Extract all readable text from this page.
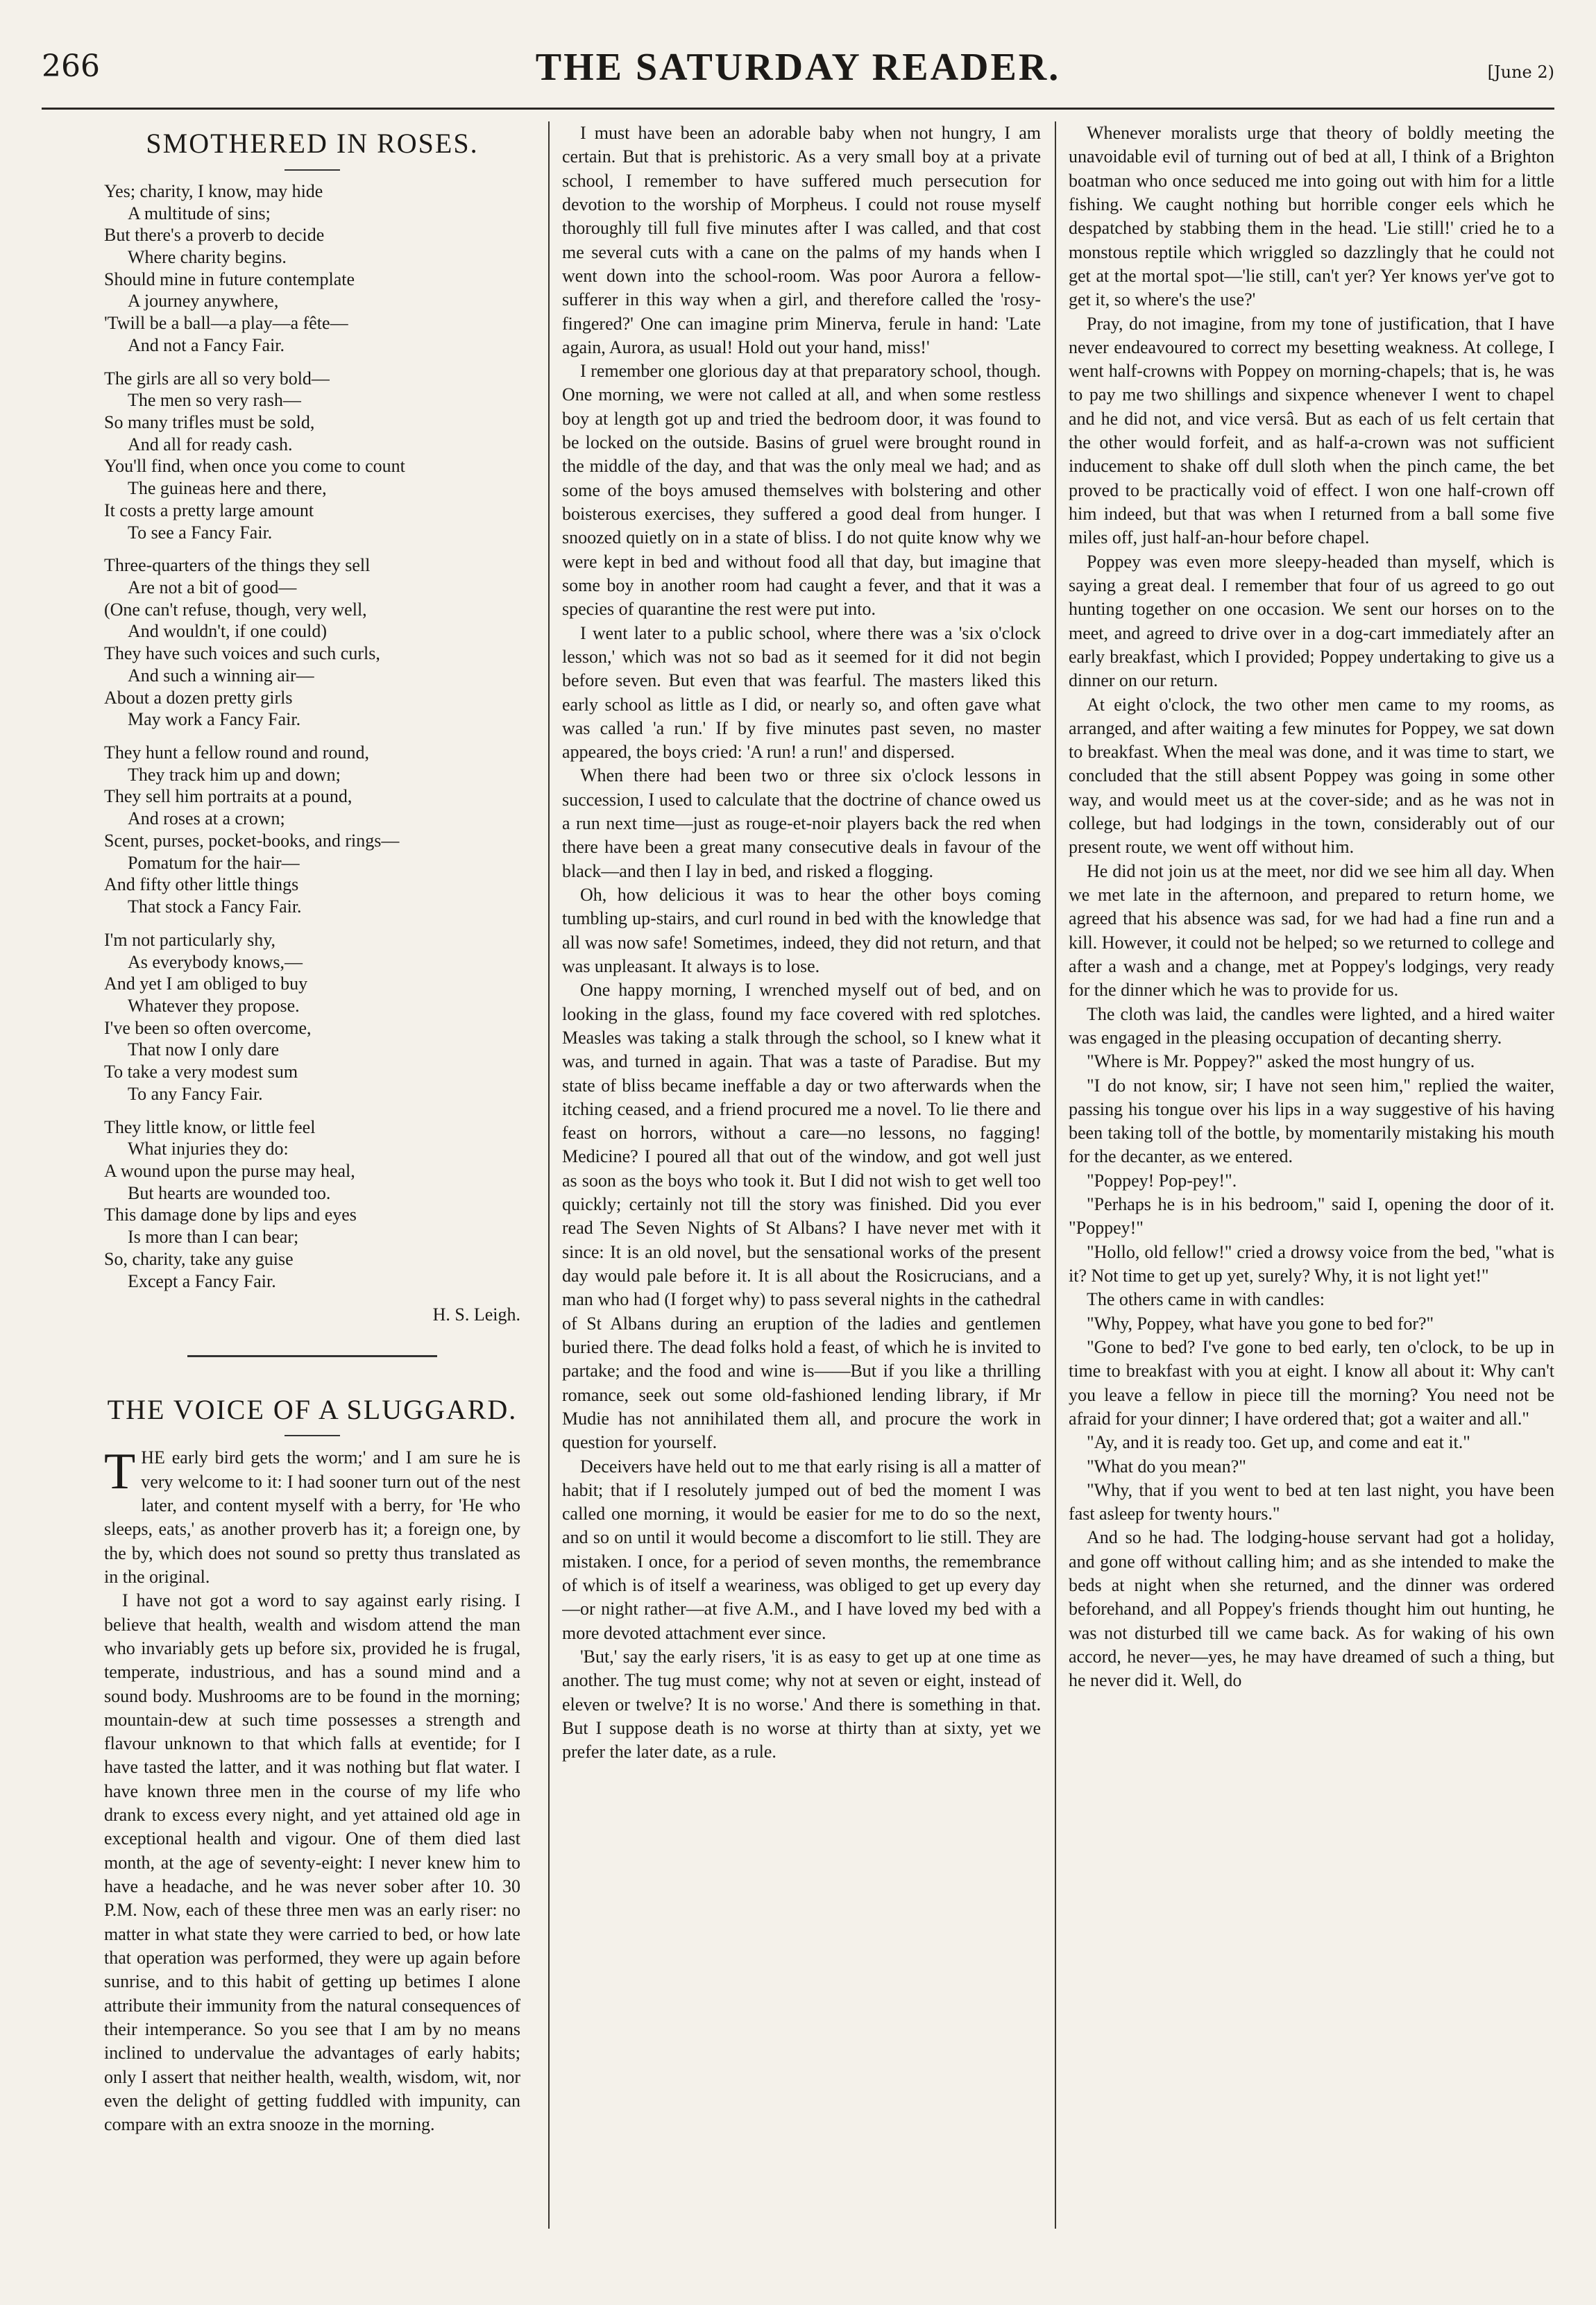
266	THE SATURDAY READER.	[June 2)
SMOTHERED IN ROSES.
Yes; charity, I know, may hide
A multitude of sins;
But there's a proverb to decide
Where charity begins.
Should mine in future contemplate
A journey anywhere,
'Twill be a ball—a play—a fête—
And not a Fancy Fair.
The girls are all so very bold—
The men so very rash—
So many trifles must be sold,
And all for ready cash.
You'll find, when once you come to count
The guineas here and there,
It costs a pretty large amount
To see a Fancy Fair.
Three-quarters of the things they sell
Are not a bit of good—
(One can't refuse, though, very well,
And wouldn't, if one could)
They have such voices and such curls,
And such a winning air—
About a dozen pretty girls
May work a Fancy Fair.
They hunt a fellow round and round,
They track him up and down;
They sell him portraits at a pound,
And roses at a crown;
Scent, purses, pocket-books, and rings—
Pomatum for the hair—
And fifty other little things
That stock a Fancy Fair.
I'm not particularly shy,
As everybody knows,—
And yet I am obliged to buy
Whatever they propose.
I've been so often overcome,
That now I only dare
To take a very modest sum
To any Fancy Fair.
They little know, or little feel
What injuries they do:
A wound upon the purse may heal,
But hearts are wounded too.
This damage done by lips and eyes
Is more than I can bear;
So, charity, take any guise
Except a Fancy Fair.
H. S. Leigh.
THE VOICE OF A SLUGGARD.

THE early bird gets the worm;' and I am sure he is very welcome to it: I had sooner turn out of the nest later, and content myself with a berry, for 'He who sleeps, eats,' as another proverb has it; a foreign one, by the by, which does not sound so pretty thus translated as in the original.

I have not got a word to say against early rising. I believe that health, wealth and wisdom attend the man who invariably gets up before six, provided he is frugal, temperate, industrious, and has a sound mind and a sound body. Mushrooms are to be found in the morning; mountain-dew at such time possesses a strength and flavour unknown to that which falls at eventide; for I have tasted the latter, and it was nothing but flat water. I have known three men in the course of my life who drank to excess every night, and yet attained old age in exceptional health and vigour. One of them died last month, at the age of seventy-eight: I never knew him to have a headache, and he was never sober after 10. 30 P.M. Now, each of these three men was an early riser: no matter in what state they were carried to bed, or how late that operation was performed, they were up again before sunrise, and to this habit of getting up betimes I alone attribute their immunity from the natural consequences of their intemperance. So you see that I am by no means inclined to undervalue the advantages of early habits; only I assert that neither health, wealth, wisdom, wit, nor even the delight of getting fuddled with impunity, can compare with an extra snooze in the morning.

I must have been an adorable baby when not hungry, I am certain. But that is prehistoric. As a very small boy at a private school, I remember to have suffered much persecution for devotion to the worship of Morpheus. I could not rouse myself thoroughly till full five minutes after I was called, and that cost me several cuts with a cane on the palms of my hands when I went down into the school-room. Was poor Aurora a fellow-sufferer in this way when a girl, and therefore called the 'rosy-fingered?' One can imagine prim Minerva, ferule in hand: 'Late again, Aurora, as usual! Hold out your hand, miss!'

I remember one glorious day at that preparatory school, though. One morning, we were not called at all, and when some restless boy at length got up and tried the bedroom door, it was found to be locked on the outside. Basins of gruel were brought round in the middle of the day, and that was the only meal we had; and as some of the boys amused themselves with bolstering and other boisterous exercises, they suffered a good deal from hunger. I snoozed quietly on in a state of bliss. I do not quite know why we were kept in bed and without food all that day, but imagine that some boy in another room had caught a fever, and that it was a species of quarantine the rest were put into.

I went later to a public school, where there was a 'six o'clock lesson,' which was not so bad as it seemed for it did not begin before seven. But even that was fearful. The masters liked this early school as little as I did, or nearly so, and often gave what was called 'a run.' If by five minutes past seven, no master appeared, the boys cried: 'A run! a run!' and dispersed.

When there had been two or three six o'clock lessons in succession, I used to calculate that the doctrine of chance owed us a run next time—just as rouge-et-noir players back the red when there have been a great many consecutive deals in favour of the black—and then I lay in bed, and risked a flogging.

Oh, how delicious it was to hear the other boys coming tumbling up-stairs, and curl round in bed with the knowledge that all was now safe! Sometimes, indeed, they did not return, and that was unpleasant. It always is to lose.

One happy morning, I wrenched myself out of bed, and on looking in the glass, found my face covered with red splotches. Measles was taking a stalk through the school, so I knew what it was, and turned in again. That was a taste of Paradise. But my state of bliss became ineffable a day or two afterwards when the itching ceased, and a friend procured me a novel. To lie there and feast on horrors, without a care—no lessons, no fagging! Medicine? I poured all that out of the window, and got well just as soon as the boys who took it. But I did not wish to get well too quickly; certainly not till the story was finished. Did you ever read The Seven Nights of St Albans? I have never met with it since: It is an old novel, but the sensational works of the present day would pale before it. It is all about the Rosicrucians, and a man who had (I forget why) to pass several nights in the cathedral of St Albans during an eruption of the ladies and gentlemen buried there. The dead folks hold a feast, of which he is invited to partake; and the food and wine is——But if you like a thrilling romance, seek out some old-fashioned lending library, if Mr Mudie has not annihilated them all, and procure the work in question for yourself.

Deceivers have held out to me that early rising is all a matter of habit; that if I resolutely jumped out of bed the moment I was called one morning, it would be easier for me to do so the next, and so on until it would become a discomfort to lie still. They are mistaken. I once, for a period of seven months, the remembrance of which is of itself a weariness, was obliged to get up every day—or night rather—at five A.M., and I have loved my bed with a more devoted attachment ever since.

'But,' say the early risers, 'it is as easy to get up at one time as another. The tug must come; why not at seven or eight, instead of eleven or twelve? It is no worse.' And there is something in that. But I suppose death is no worse at thirty than at sixty, yet we prefer the later date, as a rule.

Whenever moralists urge that theory of boldly meeting the unavoidable evil of turning out of bed at all, I think of a Brighton boatman who once seduced me into going out with him for a little fishing. We caught nothing but horrible conger eels which he despatched by stabbing them in the head. 'Lie still!' cried he to a monstous reptile which wriggled so dazzlingly that he could not get at the mortal spot—'lie still, can't yer? Yer knows yer've got to get it, so where's the use?'

Pray, do not imagine, from my tone of justification, that I have never endeavoured to correct my besetting weakness. At college, I went half-crowns with Poppey on morning-chapels; that is, he was to pay me two shillings and sixpence whenever I went to chapel and he did not, and vice versâ. But as each of us felt certain that the other would forfeit, and as half-a-crown was not sufficient inducement to shake off dull sloth when the pinch came, the bet proved to be practically void of effect. I won one half-crown off him indeed, but that was when I returned from a ball some five miles off, just half-an-hour before chapel.

Poppey was even more sleepy-headed than myself, which is saying a great deal. I remember that four of us agreed to go out hunting together on one occasion. We sent our horses on to the meet, and agreed to drive over in a dog-cart immediately after an early breakfast, which I provided; Poppey undertaking to give us a dinner on our return.

At eight o'clock, the two other men came to my rooms, as arranged, and after waiting a few minutes for Poppey, we sat down to breakfast. When the meal was done, and it was time to start, we concluded that the still absent Poppey was going in some other way, and would meet us at the cover-side; and as he was not in college, but had lodgings in the town, considerably out of our present route, we went off without him.

He did not join us at the meet, nor did we see him all day. When we met late in the afternoon, and prepared to return home, we agreed that his absence was sad, for we had had a fine run and a kill. However, it could not be helped; so we returned to college and after a wash and a change, met at Poppey's lodgings, very ready for the dinner which he was to provide for us.

The cloth was laid, the candles were lighted, and a hired waiter was engaged in the pleasing occupation of decanting sherry.

"Where is Mr. Poppey?" asked the most hungry of us.

"I do not know, sir; I have not seen him," replied the waiter, passing his tongue over his lips in a way suggestive of his having been taking toll of the bottle, by momentarily mistaking his mouth for the decanter, as we entered.

"Poppey! Pop-pey!".

"Perhaps he is in his bedroom," said I, opening the door of it. "Poppey!"

"Hollo, old fellow!" cried a drowsy voice from the bed, "what is it? Not time to get up yet, surely? Why, it is not light yet!"

The others came in with candles:

"Why, Poppey, what have you gone to bed for?"

"Gone to bed? I've gone to bed early, ten o'clock, to be up in time to breakfast with you at eight. I know all about it: Why can't you leave a fellow in piece till the morning? You need not be afraid for your dinner; I have ordered that; got a waiter and all."

"Ay, and it is ready too. Get up, and come and eat it."

"What do you mean?"

"Why, that if you went to bed at ten last night, you have been fast asleep for twenty hours."

And so he had. The lodging-house servant had got a holiday, and gone off without calling him; and as she intended to make the beds at night when she returned, and the dinner was ordered beforehand, and all Poppey's friends thought him out hunting, he was not disturbed till we came back. As for waking of his own accord, he never—yes, he may have dreamed of such a thing, but he never did it. Well, do
